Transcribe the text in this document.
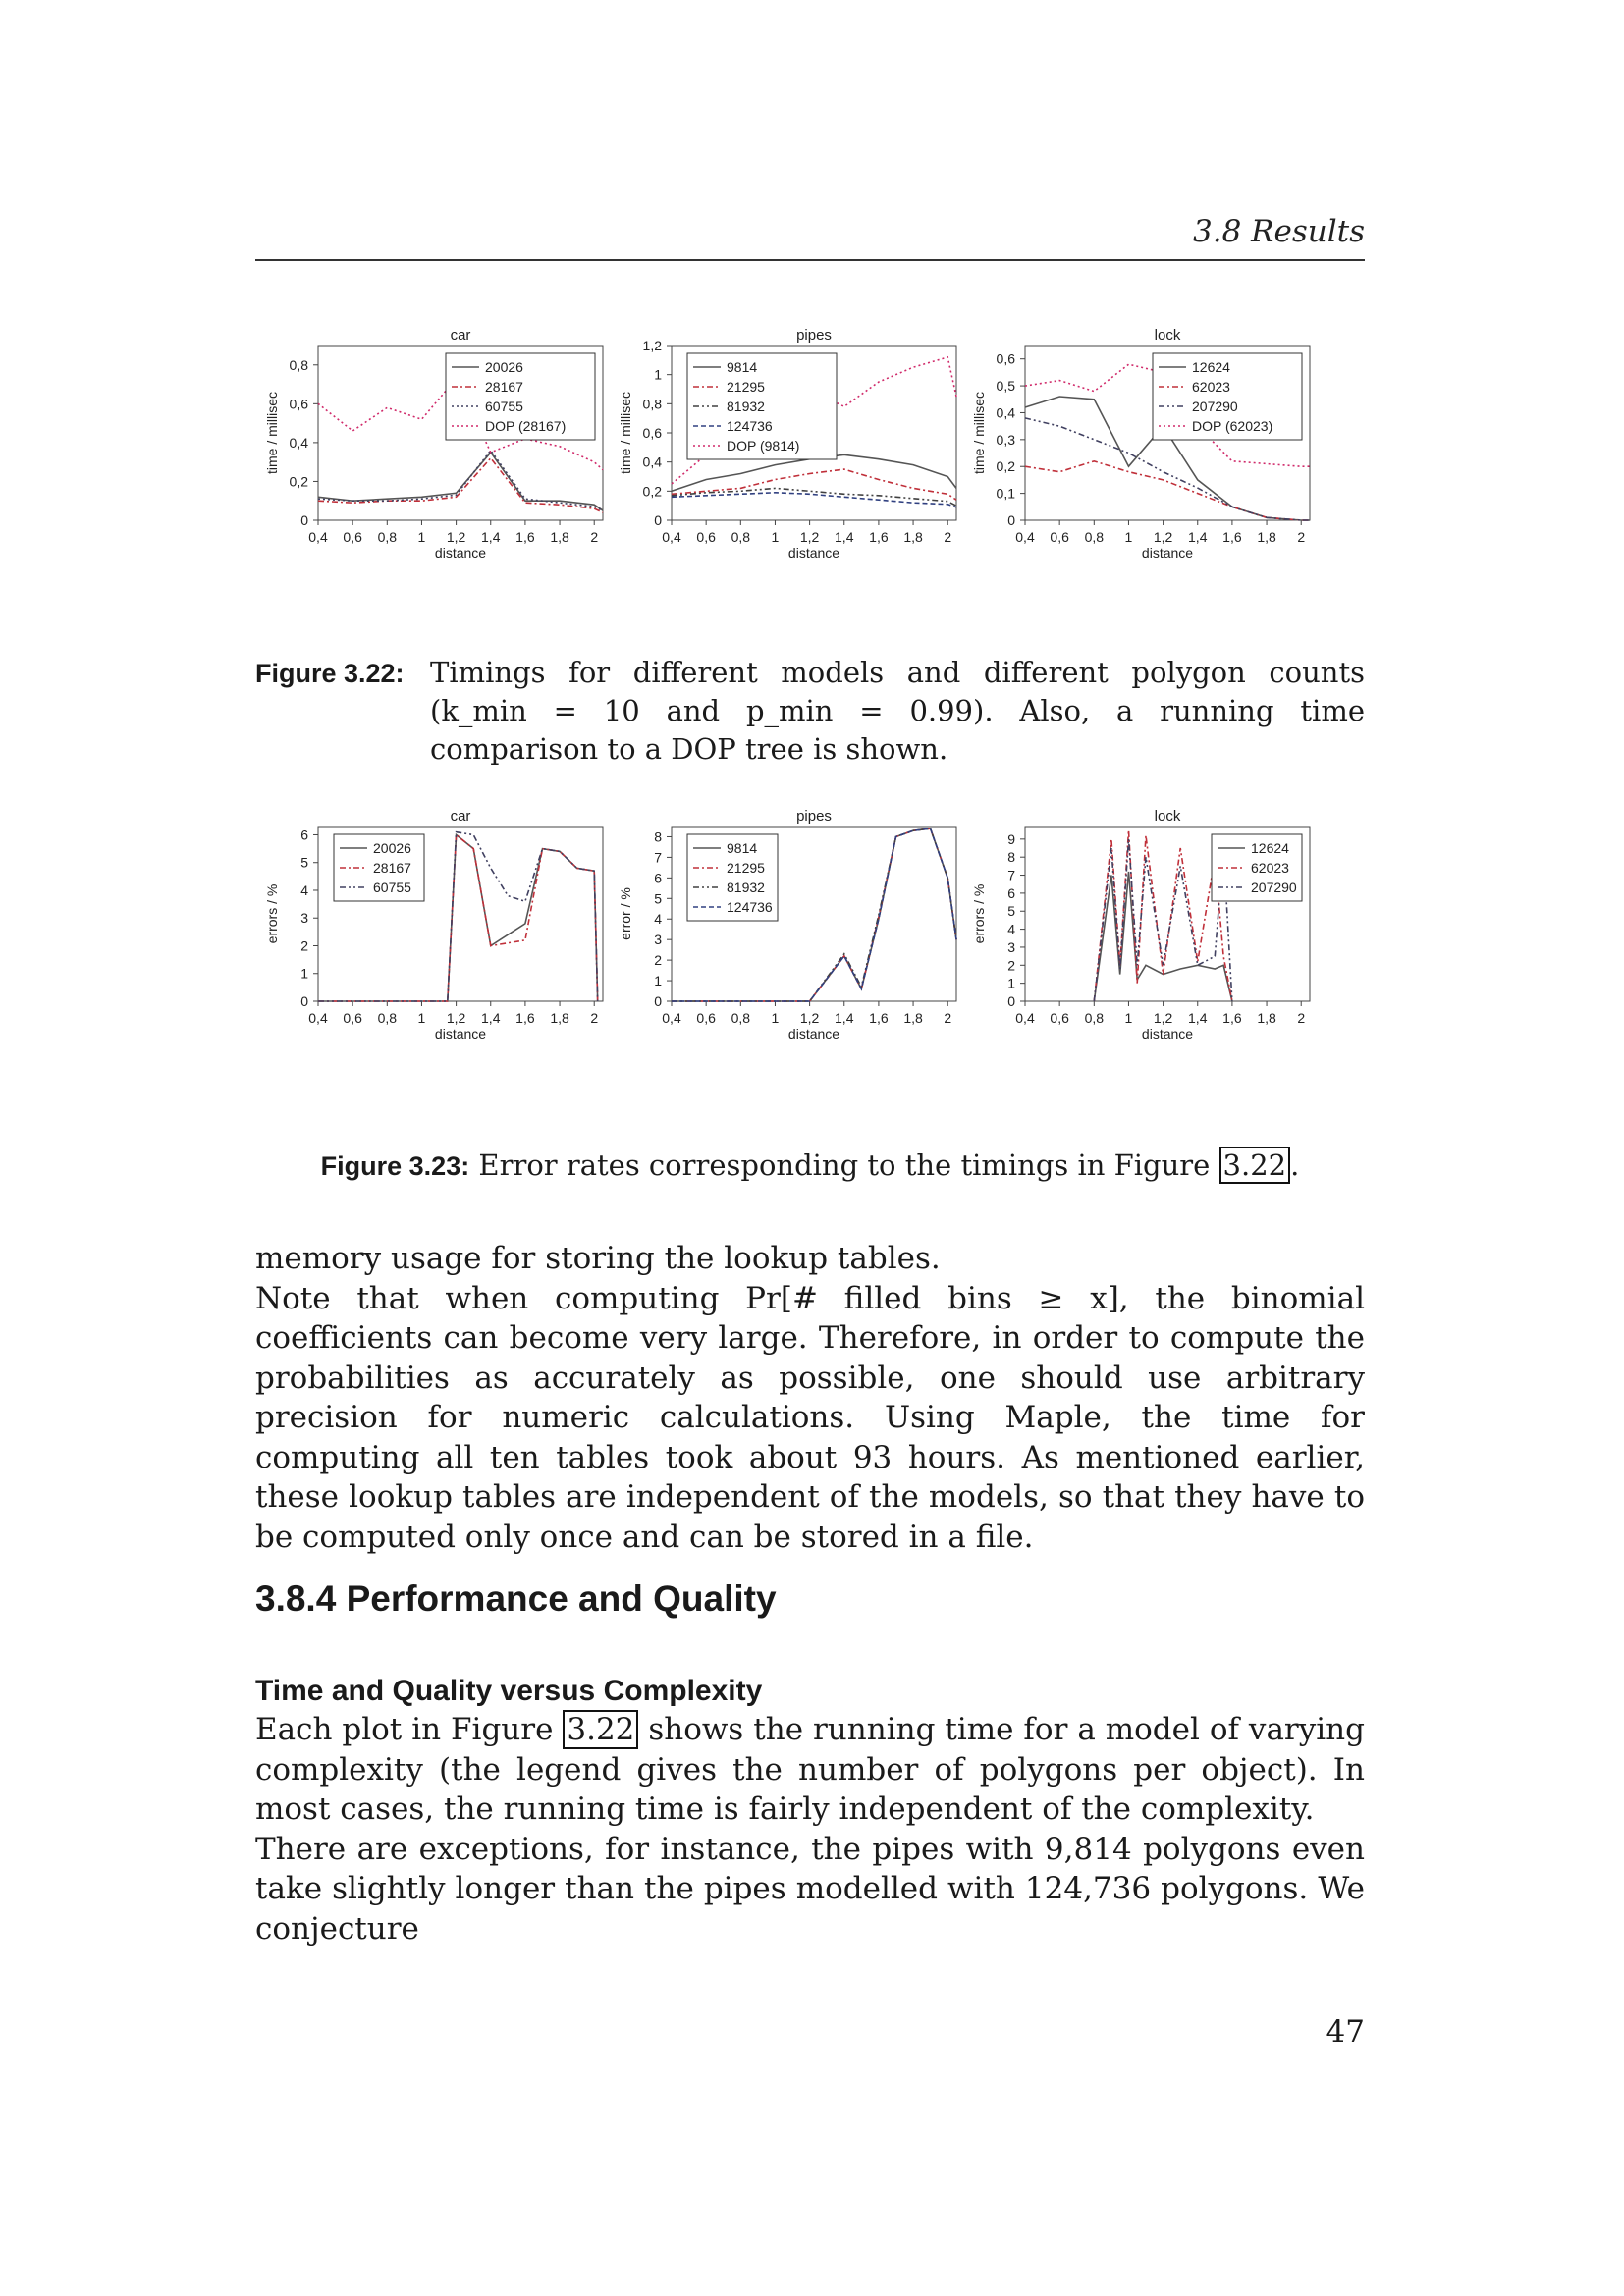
3.8 Results
car
0
0,2
0,4
0,6
0,8
0,4 0,6 0,8 1 1,2 1,4 1,6 1,8 2
distance
time / millisec
20026
28167
60755
DOP (28167)
pipes
0
0,2
0,4
0,6
0,8
1
1,2
0,4 0,6 0,8 1 1,2 1,4 1,6 1,8 2
distance
time / millisec
9814
21295
81932
124736
DOP (9814)
lock
0
0,1
0,2
0,3
0,4
0,5
0,6
0,4 0,6 0,8 1 1,2 1,4 1,6 1,8 2
distance
time / millisec
12624
62023
207290
DOP (62023)
Figure 3.22: Timings for different models and different polygon counts (k_min = 10 and p_min = 0.99). Also, a running time comparison to a DOP tree is shown.
car
0
1
2
3
4
5
6
0,4 0,6 0,8 1 1,2 1,4 1,6 1,8 2
distance
errors / %
20026
28167
60755
pipes
0
1
2
3
4
5
6
7
8
0,4 0,6 0,8 1 1,2 1,4 1,6 1,8 2
distance
error / %
9814
21295
81932
124736
lock
0
1
2
3
4
5
6
7
8
9
0,4 0,6 0,8 1 1,2 1,4 1,6 1,8 2
distance
errors / %
12624
62023
207290
Figure 3.23: Error rates corresponding to the timings in Figure 3.22 .

memory usage for storing the lookup tables.

Note that when computing Pr[# filled bins ≥ x], the binomial coefficients can become very large. Therefore, in order to compute the probabilities as accurately as possible, one should use arbitrary precision for numeric calculations. Using Maple, the time for computing all ten tables took about 93 hours. As mentioned earlier, these lookup tables are independent of the models, so that they have to be computed only once and can be stored in a file.

3.8.4 Performance and Quality
Time and Quality versus Complexity

Each plot in Figure 3.22 shows the running time for a model of varying complexity (the legend gives the number of polygons per object). In most cases, the running time is fairly independent of the complexity.

There are exceptions, for instance, the pipes with 9,814 polygons even take slightly longer than the pipes modelled with 124,736 polygons. We conjecture

47
